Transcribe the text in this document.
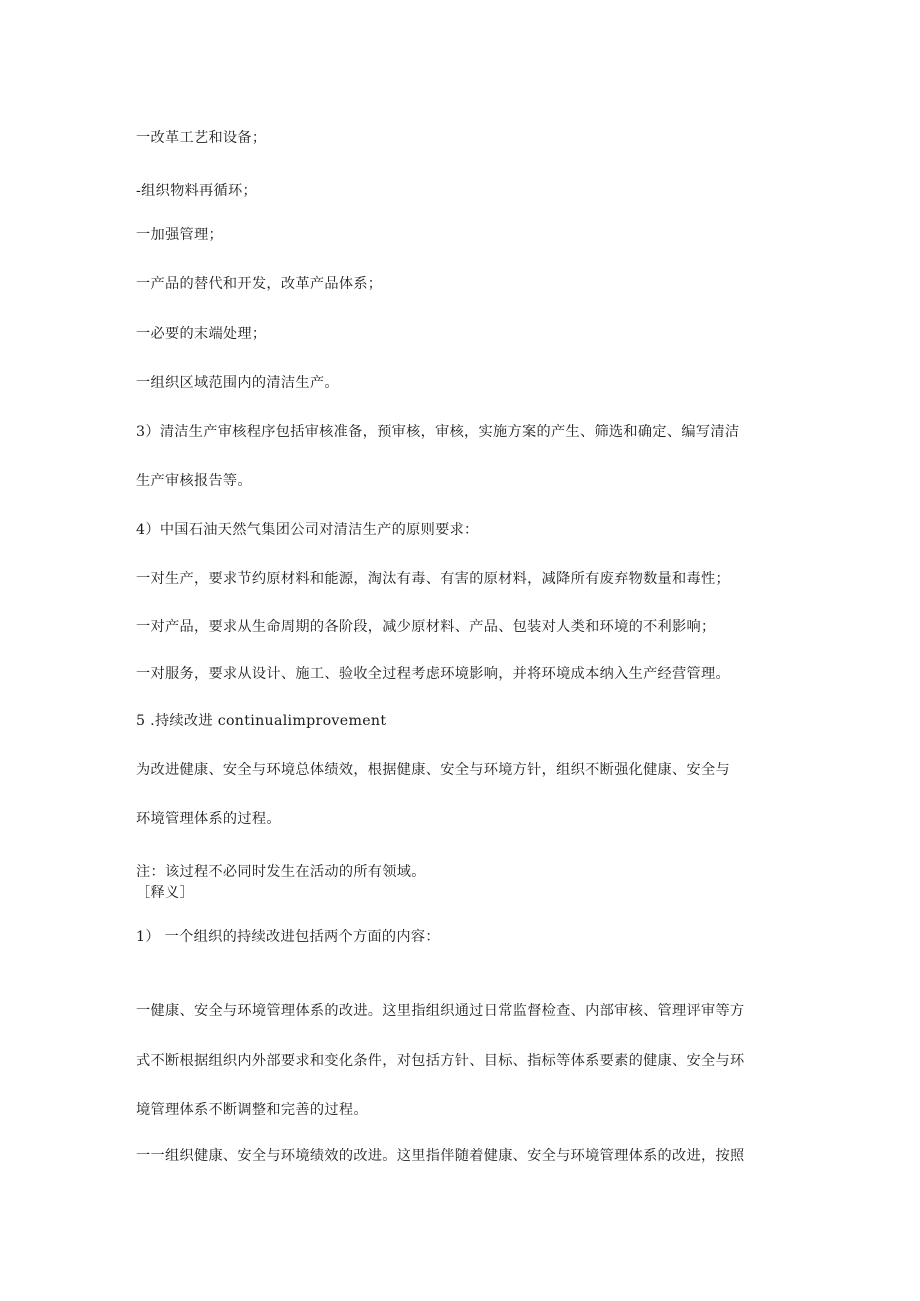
一改革工艺和设备；
-组织物料再循环；
一加强管理；
一产品的替代和开发，改革产品体系；
一必要的末端处理；
一组织区域范围内的清洁生产。
3）清洁生产审核程序包括审核准备，预审核，审核，实施方案的产生、筛选和确定、编写清洁
生产审核报告等。
4）中国石油天然气集团公司对清洁生产的原则要求：
一对生产，要求节约原材料和能源，淘汰有毒、有害的原材料，减降所有废弃物数量和毒性；
一对产品，要求从生命周期的各阶段，减少原材料、产品、包装对人类和环境的不利影响；
一对服务，要求从设计、施工、验收全过程考虑环境影响，并将环境成本纳入生产经营管理。
5 .持续改进 continualimprovement
为改进健康、安全与环境总体绩效，根据健康、安全与环境方针，组织不断强化健康、安全与
环境管理体系的过程。
注：该过程不必同时发生在活动的所有领域。
［释义］
1） 一个组织的持续改进包括两个方面的内容：
一健康、安全与环境管理体系的改进。这里指组织通过日常监督检查、内部审核、管理评审等方
式不断根据组织内外部要求和变化条件，对包括方针、目标、指标等体系要素的健康、安全与环
境管理体系不断调整和完善的过程。
一一组织健康、安全与环境绩效的改进。这里指伴随着健康、安全与环境管理体系的改进，按照
